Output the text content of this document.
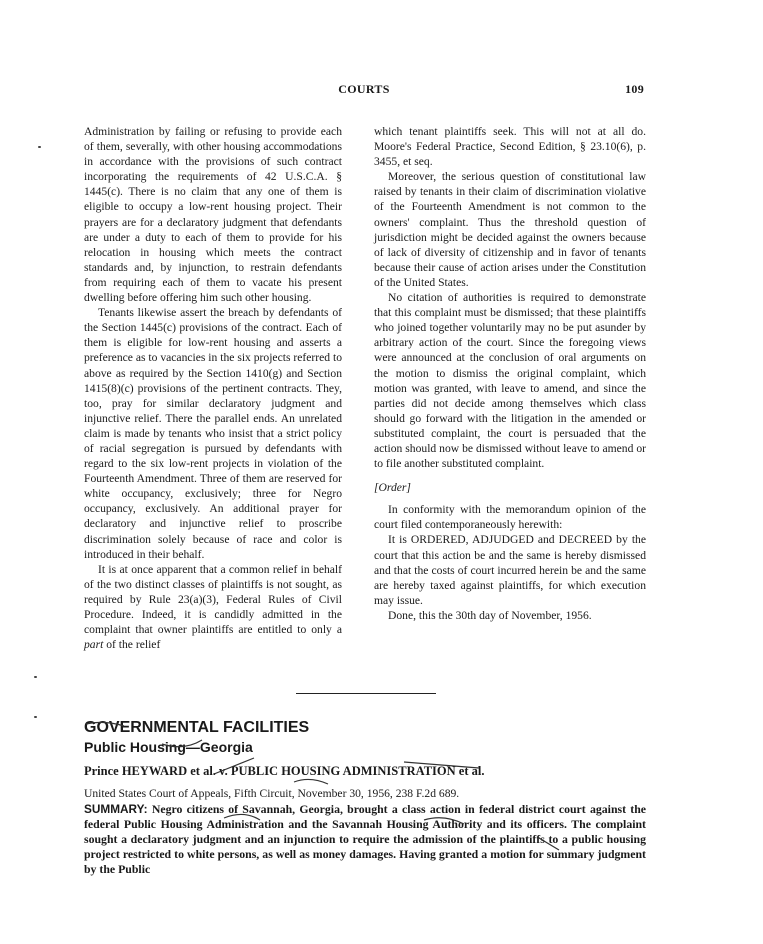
COURTS	109

Administration by failing or refusing to provide each of them, severally, with other housing accommodations in accordance with the provisions of such contract incorporating the requirements of 42 U.S.C.A. § 1445(c). There is no claim that any one of them is eligible to occupy a low-rent housing project. Their prayers are for a declaratory judgment that defendants are under a duty to each of them to provide for his relocation in housing which meets the contract standards and, by injunction, to restrain defendants from requiring each of them to vacate his present dwelling before offering him such other housing.

Tenants likewise assert the breach by defendants of the Section 1445(c) provisions of the contract. Each of them is eligible for low-rent housing and asserts a preference as to vacancies in the six projects referred to above as required by the Section 1410(g) and Section 1415(8)(c) provisions of the pertinent contracts. They, too, pray for similar declaratory judgment and injunctive relief. There the parallel ends. An unrelated claim is made by tenants who insist that a strict policy of racial segregation is pursued by defendants with regard to the six low-rent projects in violation of the Fourteenth Amendment. Three of them are reserved for white occupancy, exclusively; three for Negro occupancy, exclusively. An additional prayer for declaratory and injunctive relief to proscribe discrimination solely because of race and color is introduced in their behalf.

It is at once apparent that a common relief in behalf of the two distinct classes of plaintiffs is not sought, as required by Rule 23(a)(3), Federal Rules of Civil Procedure. Indeed, it is candidly admitted in the complaint that owner plaintiffs are entitled to only a part of the relief

which tenant plaintiffs seek. This will not at all do. Moore's Federal Practice, Second Edition, § 23.10(6), p. 3455, et seq.

Moreover, the serious question of constitutional law raised by tenants in their claim of discrimination violative of the Fourteenth Amendment is not common to the owners' complaint. Thus the threshold question of jurisdiction might be decided against the owners because of lack of diversity of citizenship and in favor of tenants because their cause of action arises under the Constitution of the United States.

No citation of authorities is required to demonstrate that this complaint must be dismissed; that these plaintiffs who joined together voluntarily may no be put asunder by arbitrary action of the court. Since the foregoing views were announced at the conclusion of oral arguments on the motion to dismiss the original complaint, which motion was granted, with leave to amend, and since the parties did not decide among themselves which class should go forward with the litigation in the amended or substituted complaint, the court is persuaded that the action should now be dismissed without leave to amend or to file another substituted complaint.

[Order]

In conformity with the memorandum opinion of the court filed contemporaneously herewith:

It is ORDERED, ADJUDGED and DECREED by the court that this action be and the same is hereby dismissed and that the costs of court incurred herein be and the same are hereby taxed against plaintiffs, for which execution may issue.

Done, this the 30th day of November, 1956.

GOVERNMENTAL FACILITIES
Public Housing—Georgia
Prince HEYWARD et al. v. PUBLIC HOUSING ADMINISTRATION et al.
United States Court of Appeals, Fifth Circuit, November 30, 1956, 238 F.2d 689.
SUMMARY: Negro citizens of Savannah, Georgia, brought a class action in federal district court against the federal Public Housing Administration and the Savannah Housing Authority and its officers. The complaint sought a declaratory judgment and an injunction to require the admission of the plaintiffs to a public housing project restricted to white persons, as well as money damages. Having granted a motion for summary judgment by the Public
